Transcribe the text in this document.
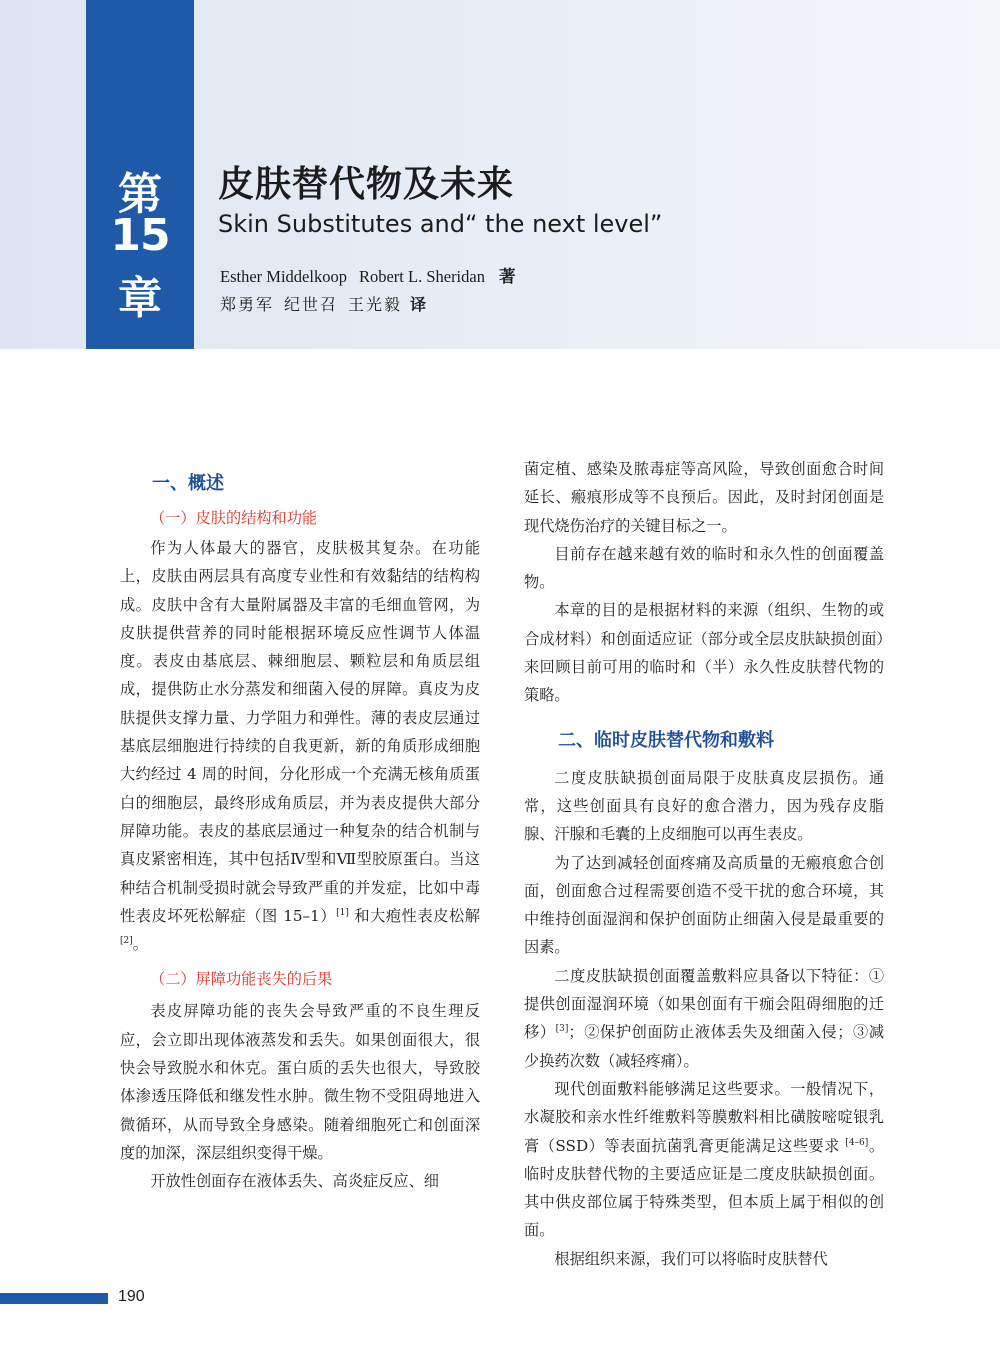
第
15
章
皮肤替代物及未来
Skin Substitutes and“ the next level”
Esther Middelkoop Robert L. Sheridan 著
郑勇军 纪世召 王光毅 译
一、概述
（一）皮肤的结构和功能

作为人体最大的器官，皮肤极其复杂。在功能上，皮肤由两层具有高度专业性和有效黏结的结构构成。皮肤中含有大量附属器及丰富的毛细血管网，为皮肤提供营养的同时能根据环境反应性调节人体温度。表皮由基底层、棘细胞层、颗粒层和角质层组成，提供防止水分蒸发和细菌入侵的屏障。真皮为皮肤提供支撑力量、力学阻力和弹性。薄的表皮层通过基底层细胞进行持续的自我更新，新的角质形成细胞大约经过 4 周的时间，分化形成一个充满无核角质蛋白的细胞层，最终形成角质层，并为表皮提供大部分屏障功能。表皮的基底层通过一种复杂的结合机制与真皮紧密相连，其中包括Ⅳ型和Ⅶ型胶原蛋白。当这种结合机制受损时就会导致严重的并发症，比如中毒性表皮坏死松解症（图 15–1）[1] 和大疱性表皮松解 [2]。

（二）屏障功能丧失的后果

表皮屏障功能的丧失会导致严重的不良生理反应，会立即出现体液蒸发和丢失。如果创面很大，很快会导致脱水和休克。蛋白质的丢失也很大，导致胶体渗透压降低和继发性水肿。微生物不受阻碍地进入微循环，从而导致全身感染。随着细胞死亡和创面深度的加深，深层组织变得干燥。

开放性创面存在液体丢失、高炎症反应、细

菌定植、感染及脓毒症等高风险，导致创面愈合时间延长、瘢痕形成等不良预后。因此，及时封闭创面是现代烧伤治疗的关键目标之一。

目前存在越来越有效的临时和永久性的创面覆盖物。

本章的目的是根据材料的来源（组织、生物的或合成材料）和创面适应证（部分或全层皮肤缺损创面）来回顾目前可用的临时和（半）永久性皮肤替代物的策略。

二、临时皮肤替代物和敷料

二度皮肤缺损创面局限于皮肤真皮层损伤。通常，这些创面具有良好的愈合潜力，因为残存皮脂腺、汗腺和毛囊的上皮细胞可以再生表皮。

为了达到减轻创面疼痛及高质量的无瘢痕愈合创面，创面愈合过程需要创造不受干扰的愈合环境，其中维持创面湿润和保护创面防止细菌入侵是最重要的因素。

二度皮肤缺损创面覆盖敷料应具备以下特征：①提供创面湿润环境（如果创面有干痂会阻碍细胞的迁移）[3]；②保护创面防止液体丢失及细菌入侵；③减少换药次数（减轻疼痛）。

现代创面敷料能够满足这些要求。一般情况下，水凝胶和亲水性纤维敷料等膜敷料相比磺胺嘧啶银乳膏（SSD）等表面抗菌乳膏更能满足这些要求 [4–6]。临时皮肤替代物的主要适应证是二度皮肤缺损创面。其中供皮部位属于特殊类型，但本质上属于相似的创面。

根据组织来源，我们可以将临时皮肤替代

190
